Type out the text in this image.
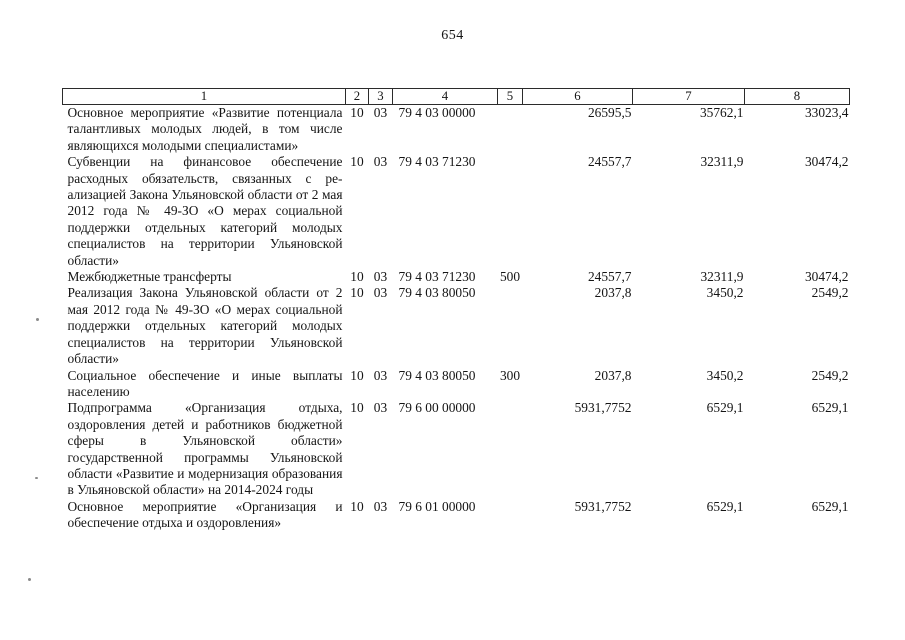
654
1	2	3	4	5	6	7	8
Основное мероприятие «Развитие потенциала талантливых молодых людей, в том числе являющихся молодыми специалистами»	10	03	79 4 03 00000		26595,5	35762,1	33023,4
Субвенции на финансовое обеспечение расходных обязательств, связанных с реализацией Закона Ульяновской области от 2 мая 2012 года № 49-ЗО «О мерах социальной поддержки отдельных категорий молодых специалистов на территории Ульяновской области»	10	03	79 4 03 71230		24557,7	32311,9	30474,2
Межбюджетные трансферты	10	03	79 4 03 71230	500	24557,7	32311,9	30474,2
Реализация Закона Ульяновской области от 2 мая 2012 года № 49-ЗО «О мерах социальной поддержки отдельных категорий молодых специалистов на территории Ульяновской области»	10	03	79 4 03 80050		2037,8	3450,2	2549,2
Социальное обеспечение и иные выплаты населению	10	03	79 4 03 80050	300	2037,8	3450,2	2549,2
Подпрограмма «Организация отдыха, оздоровления детей и работников бюджетной сферы в Ульяновской области» государственной программы Ульяновской области «Развитие и модернизация образования в Ульяновской области» на 2014-2024 годы	10	03	79 6 00 00000		5931,7752	6529,1	6529,1
Основное мероприятие «Организация и обеспечение отдыха и оздоровления»	10	03	79 6 01 00000		5931,7752	6529,1	6529,1
